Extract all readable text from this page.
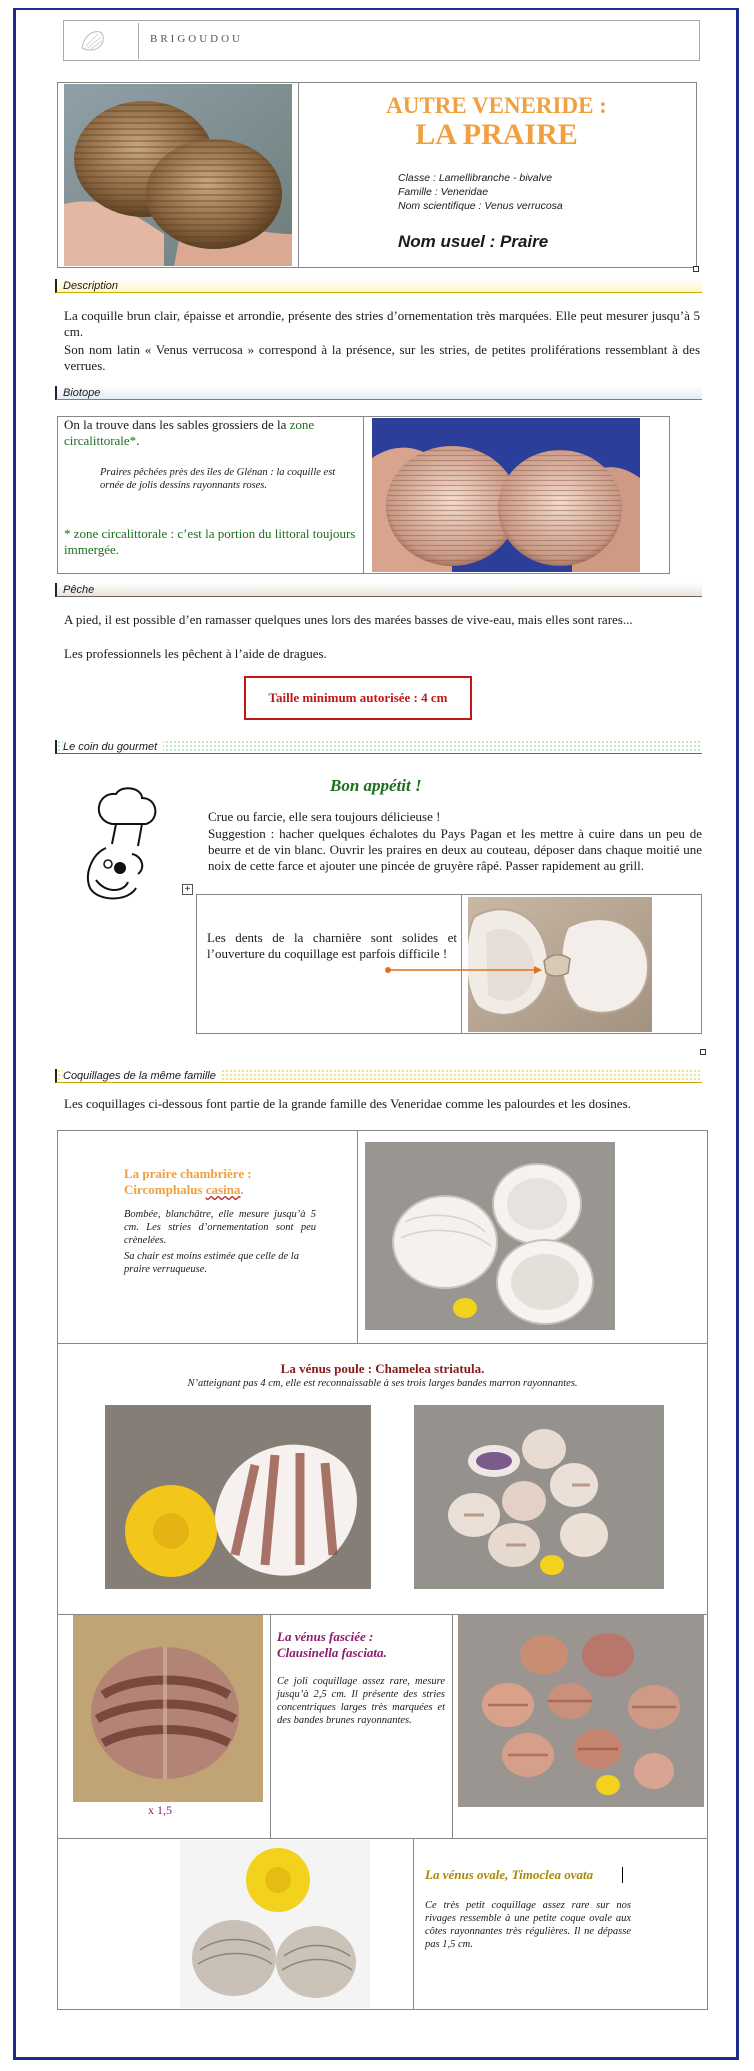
BRIGOUDOU
AUTRE VENERIDE :
LA PRAIRE
Classe : Lamellibranche - bivalve
Famille : Veneridae
Nom scientifique : Venus verrucosa
Nom usuel : Praire
Description
La coquille brun clair, épaisse et arrondie, présente des stries d’ornementation très marquées. Elle peut mesurer jusqu’à 5 cm.
Son nom latin « Venus verrucosa » correspond à la présence, sur les stries, de petites proliférations ressemblant à des verrues.
Biotope
On la trouve dans les sables grossiers de la zone circalittorale*.
Praires pêchées près des îles de Glénan : la coquille est ornée de jolis dessins rayonnants roses.
* zone circalittorale : c’est la portion du littoral toujours immergée.
Pêche
A pied, il est possible d’en ramasser quelques unes lors des marées basses de vive-eau, mais elles sont rares...
Les professionnels les pêchent à l’aide de dragues.
Taille minimum autorisée : 4 cm
Le coin du gourmet
Bon appétit !
Crue ou farcie, elle sera toujours délicieuse !
Suggestion : hacher quelques échalotes du Pays Pagan et les mettre à cuire dans un peu de beurre et de vin blanc. Ouvrir les praires en deux au couteau, déposer dans chaque moitié une noix de cette farce et ajouter une pincée de gruyère râpé. Passer rapidement au grill.
+
Les dents de la charnière sont solides et l’ouverture du coquillage est parfois difficile !
Coquillages de la même famille
Les coquillages ci-dessous font partie de la grande famille des Veneridae comme les palourdes et les dosines.
La praire chambrière :
Circomphalus casina.
Bombée, blanchâtre, elle mesure jusqu’à 5 cm. Les stries d’ornementation sont peu crènelées.
Sa chair est moins estimée que celle de la praire verruqueuse.
La vénus poule : Chamelea striatula.
N’atteignant pas 4 cm, elle est reconnaissable à ses trois larges bandes marron rayonnantes.
x 1,5
La vénus fasciée :
Clausinella fasciata.
Ce joli coquillage assez rare, mesure jusqu’à 2,5 cm. Il présente des stries concentriques larges très marquées et des bandes brunes rayonnantes.
La vénus ovale, Timoclea ovata
Ce très petit coquillage assez rare sur nos rivages ressemble à une petite coque ovale aux côtes rayonnantes très régulières. Il ne dépasse pas 1,5 cm.
